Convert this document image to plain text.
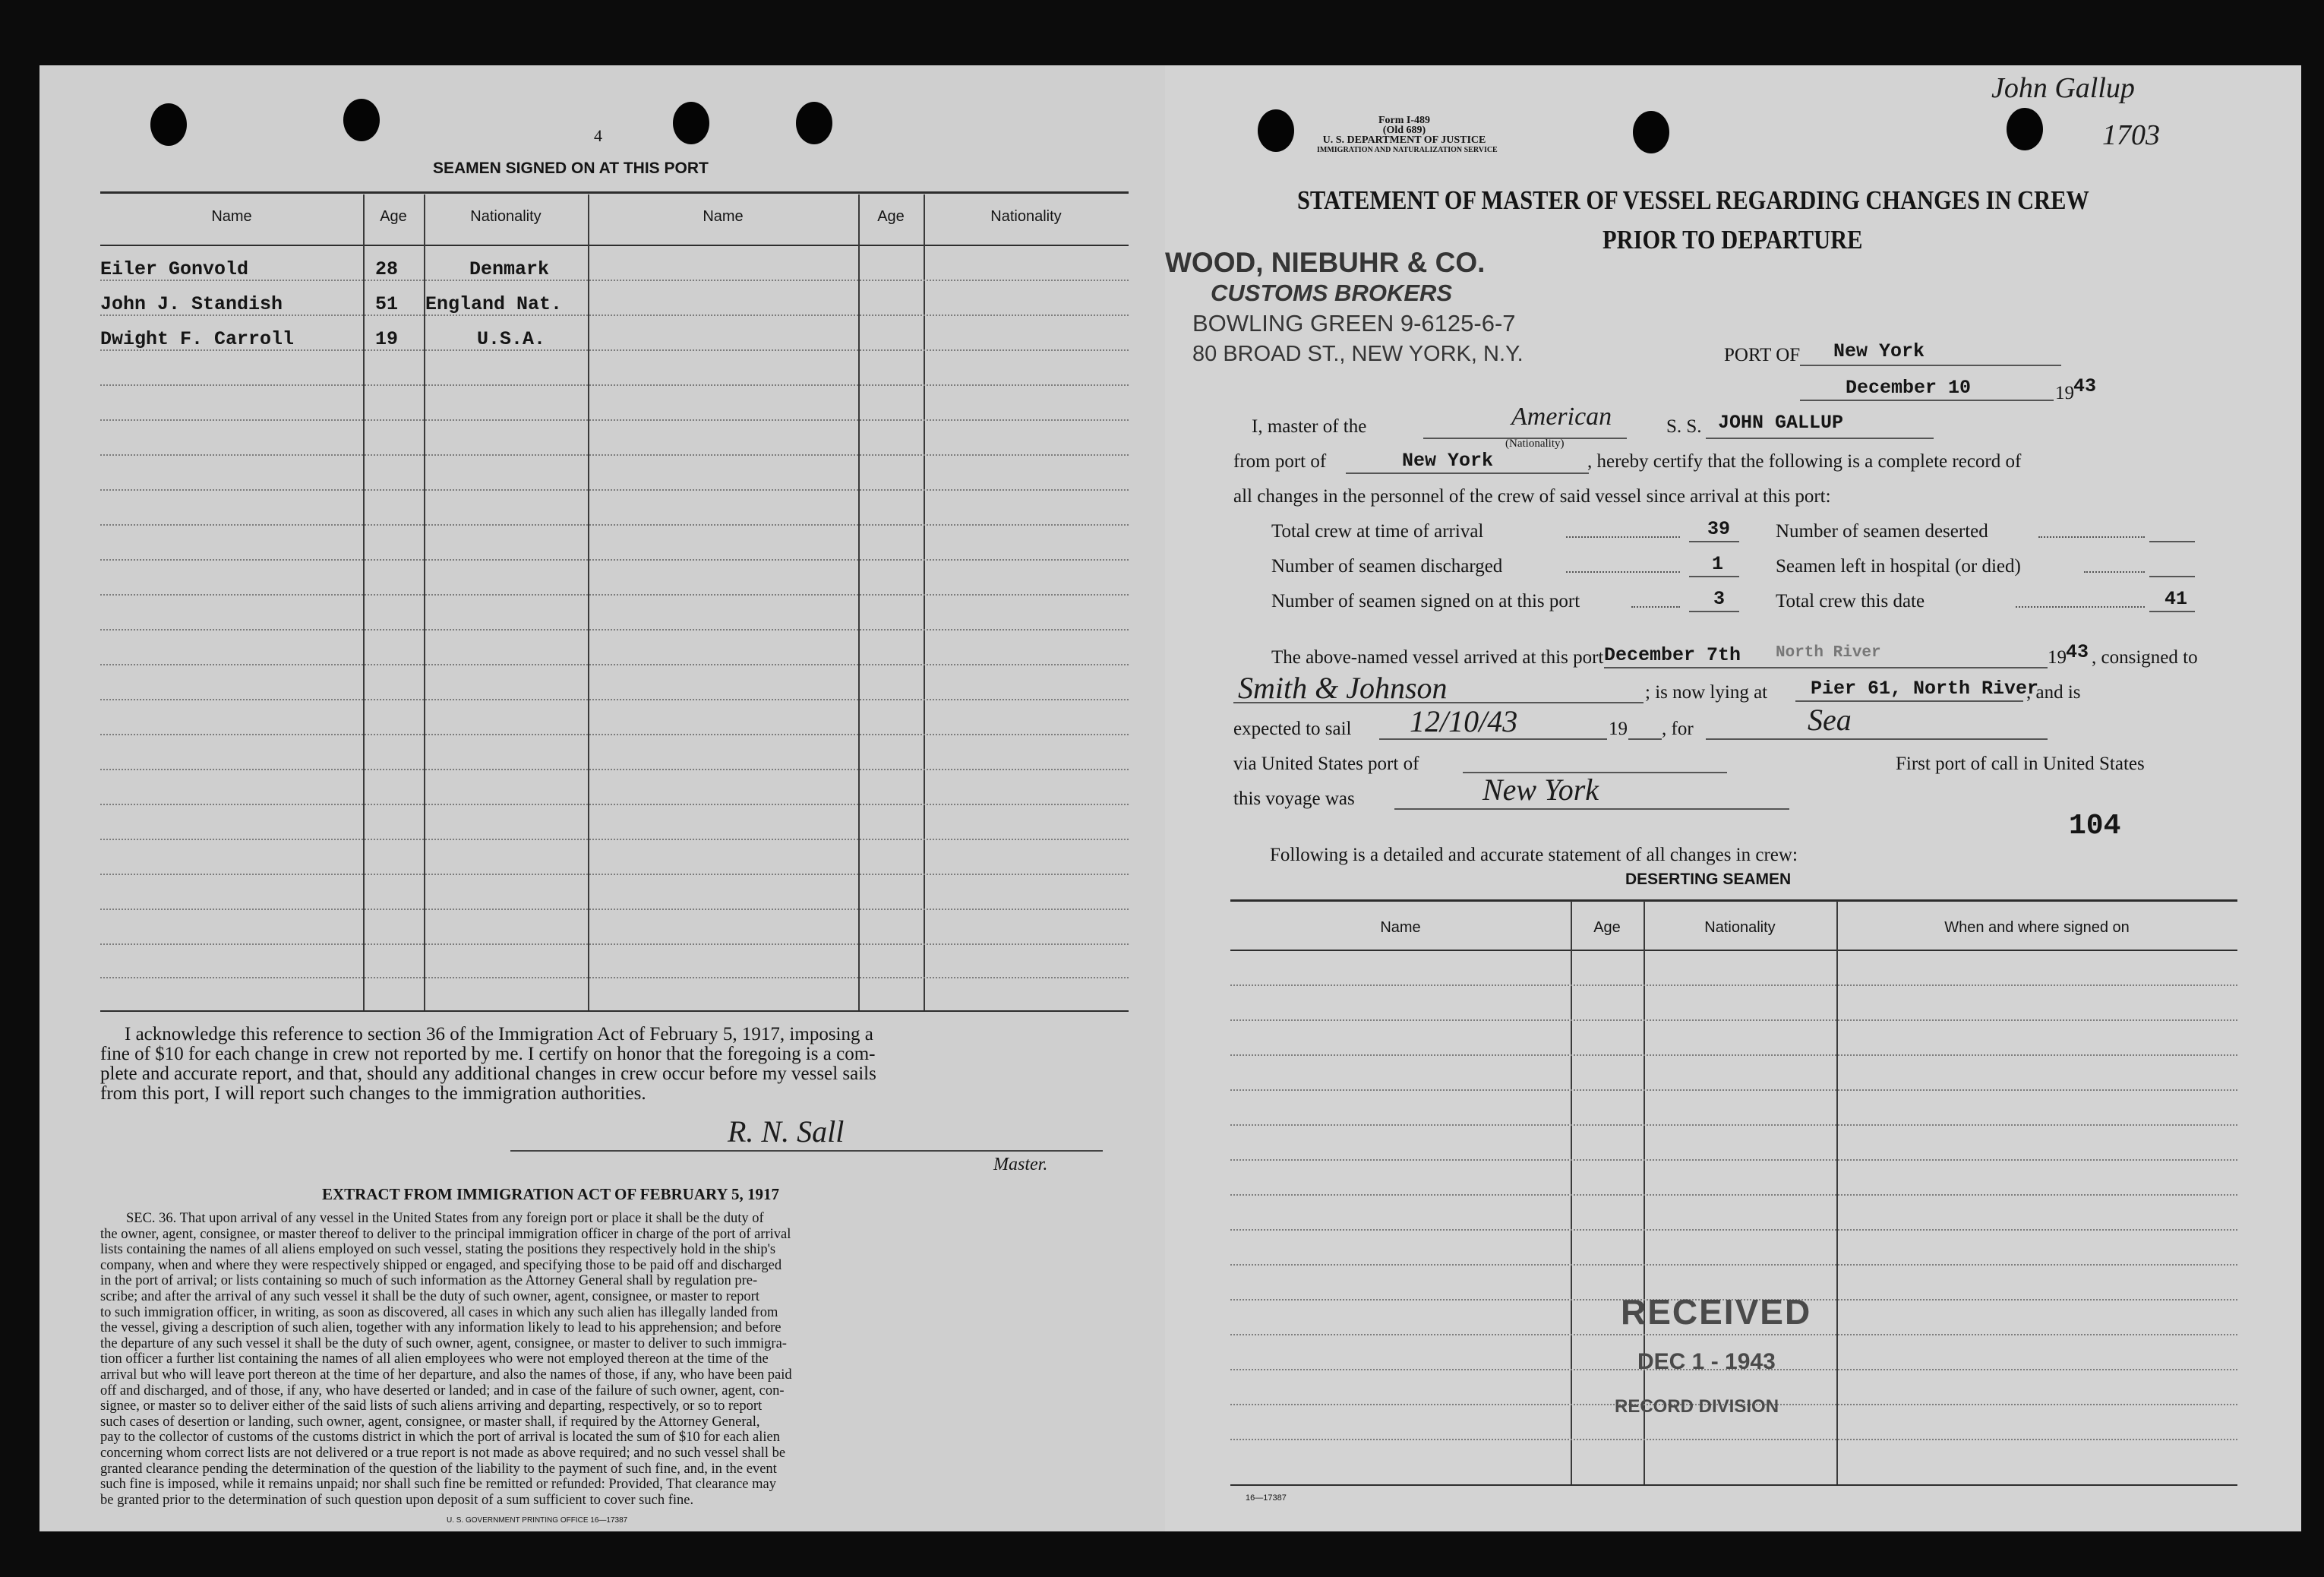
4
SEAMEN SIGNED ON AT THIS PORT
Name	Age	Nationality	Name	Age	Nationality
Eiler Gonvold	28	Denmark
John J. Standish	51 England Nat.
Dwight F. Carroll	19	U.S.A.
I acknowledge this reference to section 36 of the Immigration Act of February 5, 1917, imposing a
fine of $10 for each change in crew not reported by me. I certify on honor that the foregoing is a com-
plete and accurate report, and that, should any additional changes in crew occur before my vessel sails
from this port, I will report such changes to the immigration authorities.
R. N. Sall
Master.
EXTRACT FROM IMMIGRATION ACT OF FEBRUARY 5, 1917
SEC. 36. That upon arrival of any vessel in the United States from any foreign port or place it shall be the duty of
the owner, agent, consignee, or master thereof to deliver to the principal immigration officer in charge of the port of arrival
lists containing the names of all aliens employed on such vessel, stating the positions they respectively hold in the ship's
company, when and where they were respectively shipped or engaged, and specifying those to be paid off and discharged
in the port of arrival; or lists containing so much of such information as the Attorney General shall by regulation pre-
scribe; and after the arrival of any such vessel it shall be the duty of such owner, agent, consignee, or master to report
to such immigration officer, in writing, as soon as discovered, all cases in which any such alien has illegally landed from
the vessel, giving a description of such alien, together with any information likely to lead to his apprehension; and before
the departure of any such vessel it shall be the duty of such owner, agent, consignee, or master to deliver to such immigra-
tion officer a further list containing the names of all alien employees who were not employed thereon at the time of the
arrival but who will leave port thereon at the time of her departure, and also the names of those, if any, who have been paid
off and discharged, and of those, if any, who have deserted or landed; and in case of the failure of such owner, agent, con-
signee, or master so to deliver either of the said lists of such aliens arriving and departing, respectively, or so to report
such cases of desertion or landing, such owner, agent, consignee, or master shall, if required by the Attorney General,
pay to the collector of customs of the customs district in which the port of arrival is located the sum of $10 for each alien
concerning whom correct lists are not delivered or a true report is not made as above required; and no such vessel shall be
granted clearance pending the determination of the question of the liability to the payment of such fine, and, in the event
such fine is imposed, while it remains unpaid; nor shall such fine be remitted or refunded: Provided, That clearance may
be granted prior to the determination of such question upon deposit of a sum sufficient to cover such fine.
U. S. GOVERNMENT PRINTING OFFICE 16—17387
John Gallup
1703
Form I-489
(Old 689)
U. S. DEPARTMENT OF JUSTICE
IMMIGRATION AND NATURALIZATION SERVICE
STATEMENT OF MASTER OF VESSEL REGARDING CHANGES IN CREW
PRIOR TO DEPARTURE
WOOD, NIEBUHR & CO.
CUSTOMS BROKERS
BOWLING GREEN 9-6125-6-7
80 BROAD ST., NEW YORK, N.Y.	PORT OF New York
December 10	19 43
I, master of the	American
(Nationality)
S. S. JOHN GALLUP
from port of	New York	, hereby certify that the following is a complete record of
all changes in the personnel of the crew of said vessel since arrival at this port:
Total crew at time of arrival	39
Number of seamen discharged	1
Number of seamen signed on at this port	3
Number of seamen deserted
Seamen left in hospital (or died)
Total crew this date	41
The above-named vessel arrived at this port December 7th North River	19 43 , consigned to
Smith & Johnson	; is now lying at Pier 61, North River
, and is
expected to sail 12/10/43	19 , for	Sea
via United States port of	First port of call in United States
this voyage was	New York
104
Following is a detailed and accurate statement of all changes in crew:
DESERTING SEAMEN
Name	Age	Nationality	When and where signed on
RECEIVED
DEC 1 - 1943
RECORD DIVISION
16—17387
